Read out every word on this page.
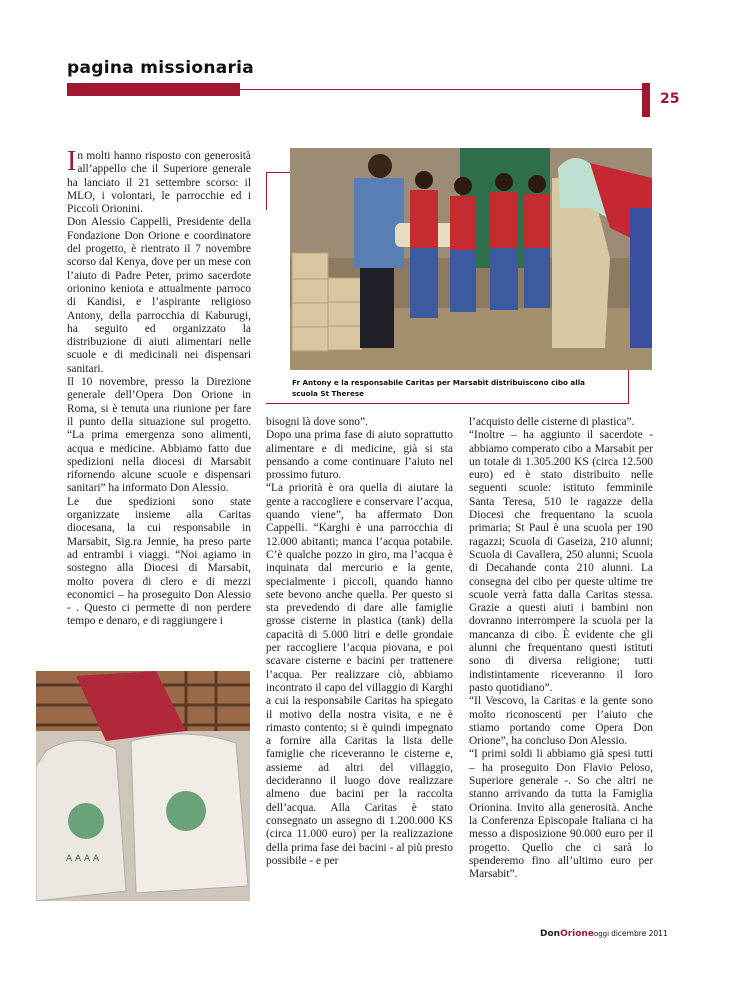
pagina missionaria
25
Fr Antony e la responsabile Caritas per Marsabit distribuiscono cibo alla scuola St Therese

In molti hanno risposto con generosità all’appello che il Superiore generale ha lanciato il 21 settembre scorso: il MLO, i volontari, le parrocchie ed i Piccoli Orionini.

Don Alessio Cappelli, Presidente della Fondazione Don Orione e coordinatore del progetto, è rientrato il 7 novembre scorso dal Kenya, dove per un mese con l’aiuto di Padre Peter, primo sacerdote orionino keniota e attualmente parroco di Kandisi, e l’aspirante religioso Antony, della parrocchia di Kaburugi, ha seguito ed organizzato la distribuzione di aiuti alimentari nelle scuole e di medicinali nei dispensari sanitari.

Il 10 novembre, presso la Direzione generale dell’Opera Don Orione in Roma, si è tenuta una riunione per fare il punto della situazione sul progetto. “La prima emergenza sono alimenti, acqua e medicine. Abbiamo fatto due spedizioni nella diocesi di Marsabit rifornendo alcune scuole e dispensari sanitari” ha informato Don Alessio.

Le due spedizioni sono state organizzate insieme alla Caritas diocesana, la cui responsabile in Marsabit, Sig.ra Jennie, ha preso parte ad entrambi i viaggi. “Noi agiamo in sostegno alla Diocesi di Marsabit, molto povera di clero e di mezzi economici – ha proseguito Don Alessio - . Questo ci permette di non perdere tempo e denaro, e di raggiungere i

A A A A

bisogni là dove sono”.

Dopo una prima fase di aiuto soprattutto alimentare e di medicine, già si sta pensando a come continuare l’aiuto nel prossimo futuro.

“La priorità è ora quella di aiutare la gente a raccogliere e conservare l’acqua, quando viene”, ha affermato Don Cappelli. “Karghi è una parrocchia di 12.000 abitanti; manca l’acqua potabile. C’è qualche pozzo in giro, ma l’acqua è inquinata dal mercurio e la gente, specialmente i piccoli, quando hanno sete bevono anche quella. Per questo si sta prevedendo di dare alle famiglie grosse cisterne in plastica (tank) della capacità di 5.000 litri e delle grondaie per raccogliere l’acqua piovana, e poi scavare cisterne e bacini per trattenere l’acqua. Per realizzare ciò, abbiamo incontrato il capo del villaggio di Karghi a cui la responsabile Caritas ha spiegato il motivo della nostra visita, e ne è rimasto contento; si è quindi impegnato a fornire alla Caritas la lista delle famiglie che riceveranno le cisterne e, assieme ad altri del villaggio, decideranno il luogo dove realizzare almeno due bacini per la raccolta dell’acqua. Alla Caritas è stato consegnato un assegno di 1.200.000 KS (circa 11.000 euro) per la realizzazione della prima fase dei bacini - al più presto possibile - e per

l’acquisto delle cisterne di plastica”.

“Inoltre – ha aggiunto il sacerdote - abbiamo comperato cibo a Marsabit per un totale di 1.305.200 KS (circa 12.500 euro) ed è stato distribuito nelle seguenti scuole: istituto femminile Santa Teresa, 510 le ragazze della Diocesi che frequentano la scuola primaria; St Paul è una scuola per 190 ragazzi; Scuola di Gaseiza, 210 alunni; Scuola di Cavallera, 250 alunni; Scuola di Decahande conta 210 alunni. La consegna del cibo per queste ultime tre scuole verrà fatta dalla Caritas stessa. Grazie a questi aiuti i bambini non dovranno interrompere la scuola per la mancanza di cibo. È evidente che gli alunni che frequentano questi istituti sono di diversa religione; tutti indistintamente riceveranno il loro pasto quotidiano”.

“Il Vescovo, la Caritas e la gente sono molto riconoscenti per l’aiuto che stiamo portando come Opera Don Orione”, ha concluso Don Alessio.

“I primi soldi li abbiamo già spesi tutti – ha proseguito Don Flavio Peloso, Superiore generale -. So che altri ne stanno arrivando da tutta la Famiglia Orionina. Invito alla generosità. Anche la Conferenza Episcopale Italiana ci ha messo a disposizione 90.000 euro per il progetto. Quello che ci sarà lo spenderemo fino all’ultimo euro per Marsabit”.

DonOrioneoggi dicembre 2011
